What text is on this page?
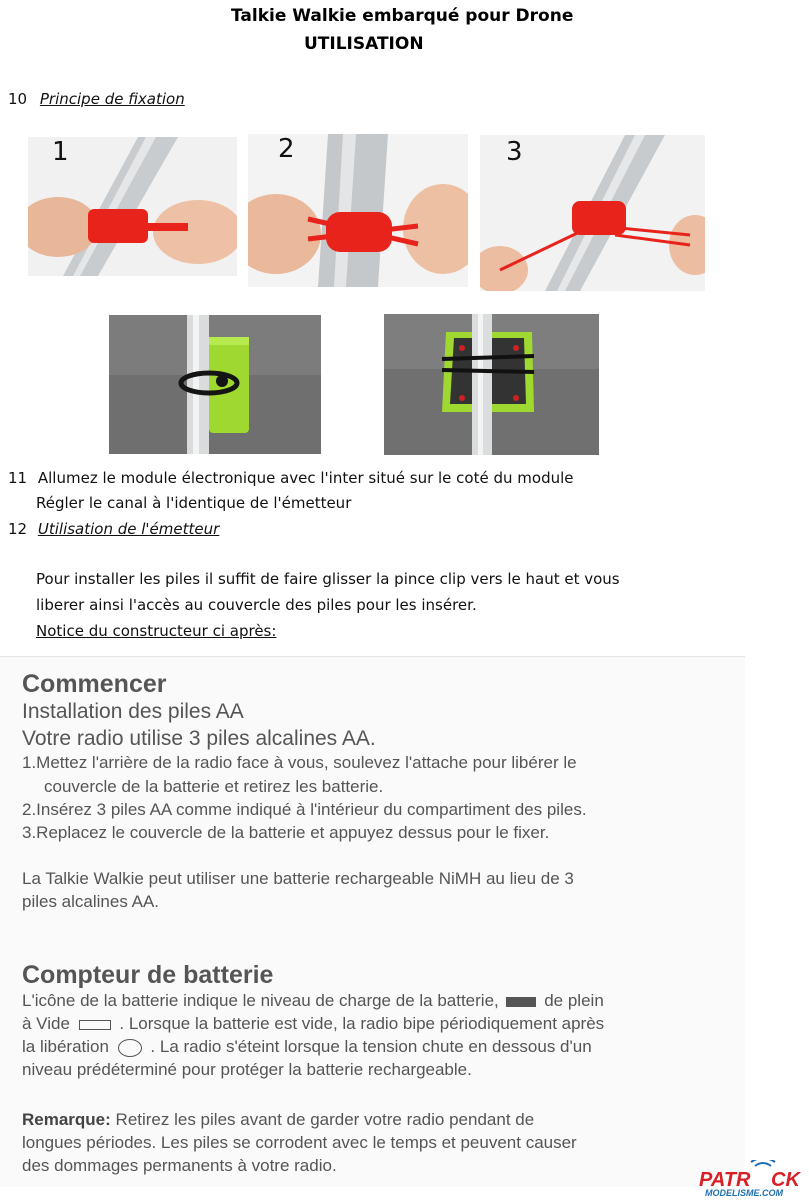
Talkie Walkie embarqué pour Drone
UTILISATION
10 Principe de fixation
1	2	3
11 Allumez le module électronique avec l'inter situé sur le coté du module
Régler le canal à l'identique de l'émetteur
12 Utilisation de l'émetteur
Pour installer les piles il suffit de faire glisser la pince clip vers le haut et vous
liberer ainsi l'accès au couvercle des piles pour les insérer.
Notice du constructeur ci après:
Commencer
Installation des piles AA
Votre radio utilise 3 piles alcalines AA.
1.Mettez l'arrière de la radio face à vous, soulevez l'attache pour libérer le
couvercle de la batterie et retirez les batterie.
2.Insérez 3 piles AA comme indiqué à l'intérieur du compartiment des piles.
3.Replacez le couvercle de la batterie et appuyez dessus pour le fixer.
La Talkie Walkie peut utiliser une batterie rechargeable NiMH au lieu de 3
piles alcalines AA.
Compteur de batterie
L'icône de la batterie indique le niveau de charge de la batterie,	de plein
à Vide	. Lorsque la batterie est vide, la radio bipe périodiquement après
la libération . La radio s'éteint lorsque la tension chute en dessous d'un
niveau prédéterminé pour protéger la batterie rechargeable.
Remarque: Retirez les piles avant de garder votre radio pendant de
longues périodes. Les piles se corrodent avec le temps et peuvent causer
des dommages permanents à votre radio.
PATR CK
MODELISME.COM
